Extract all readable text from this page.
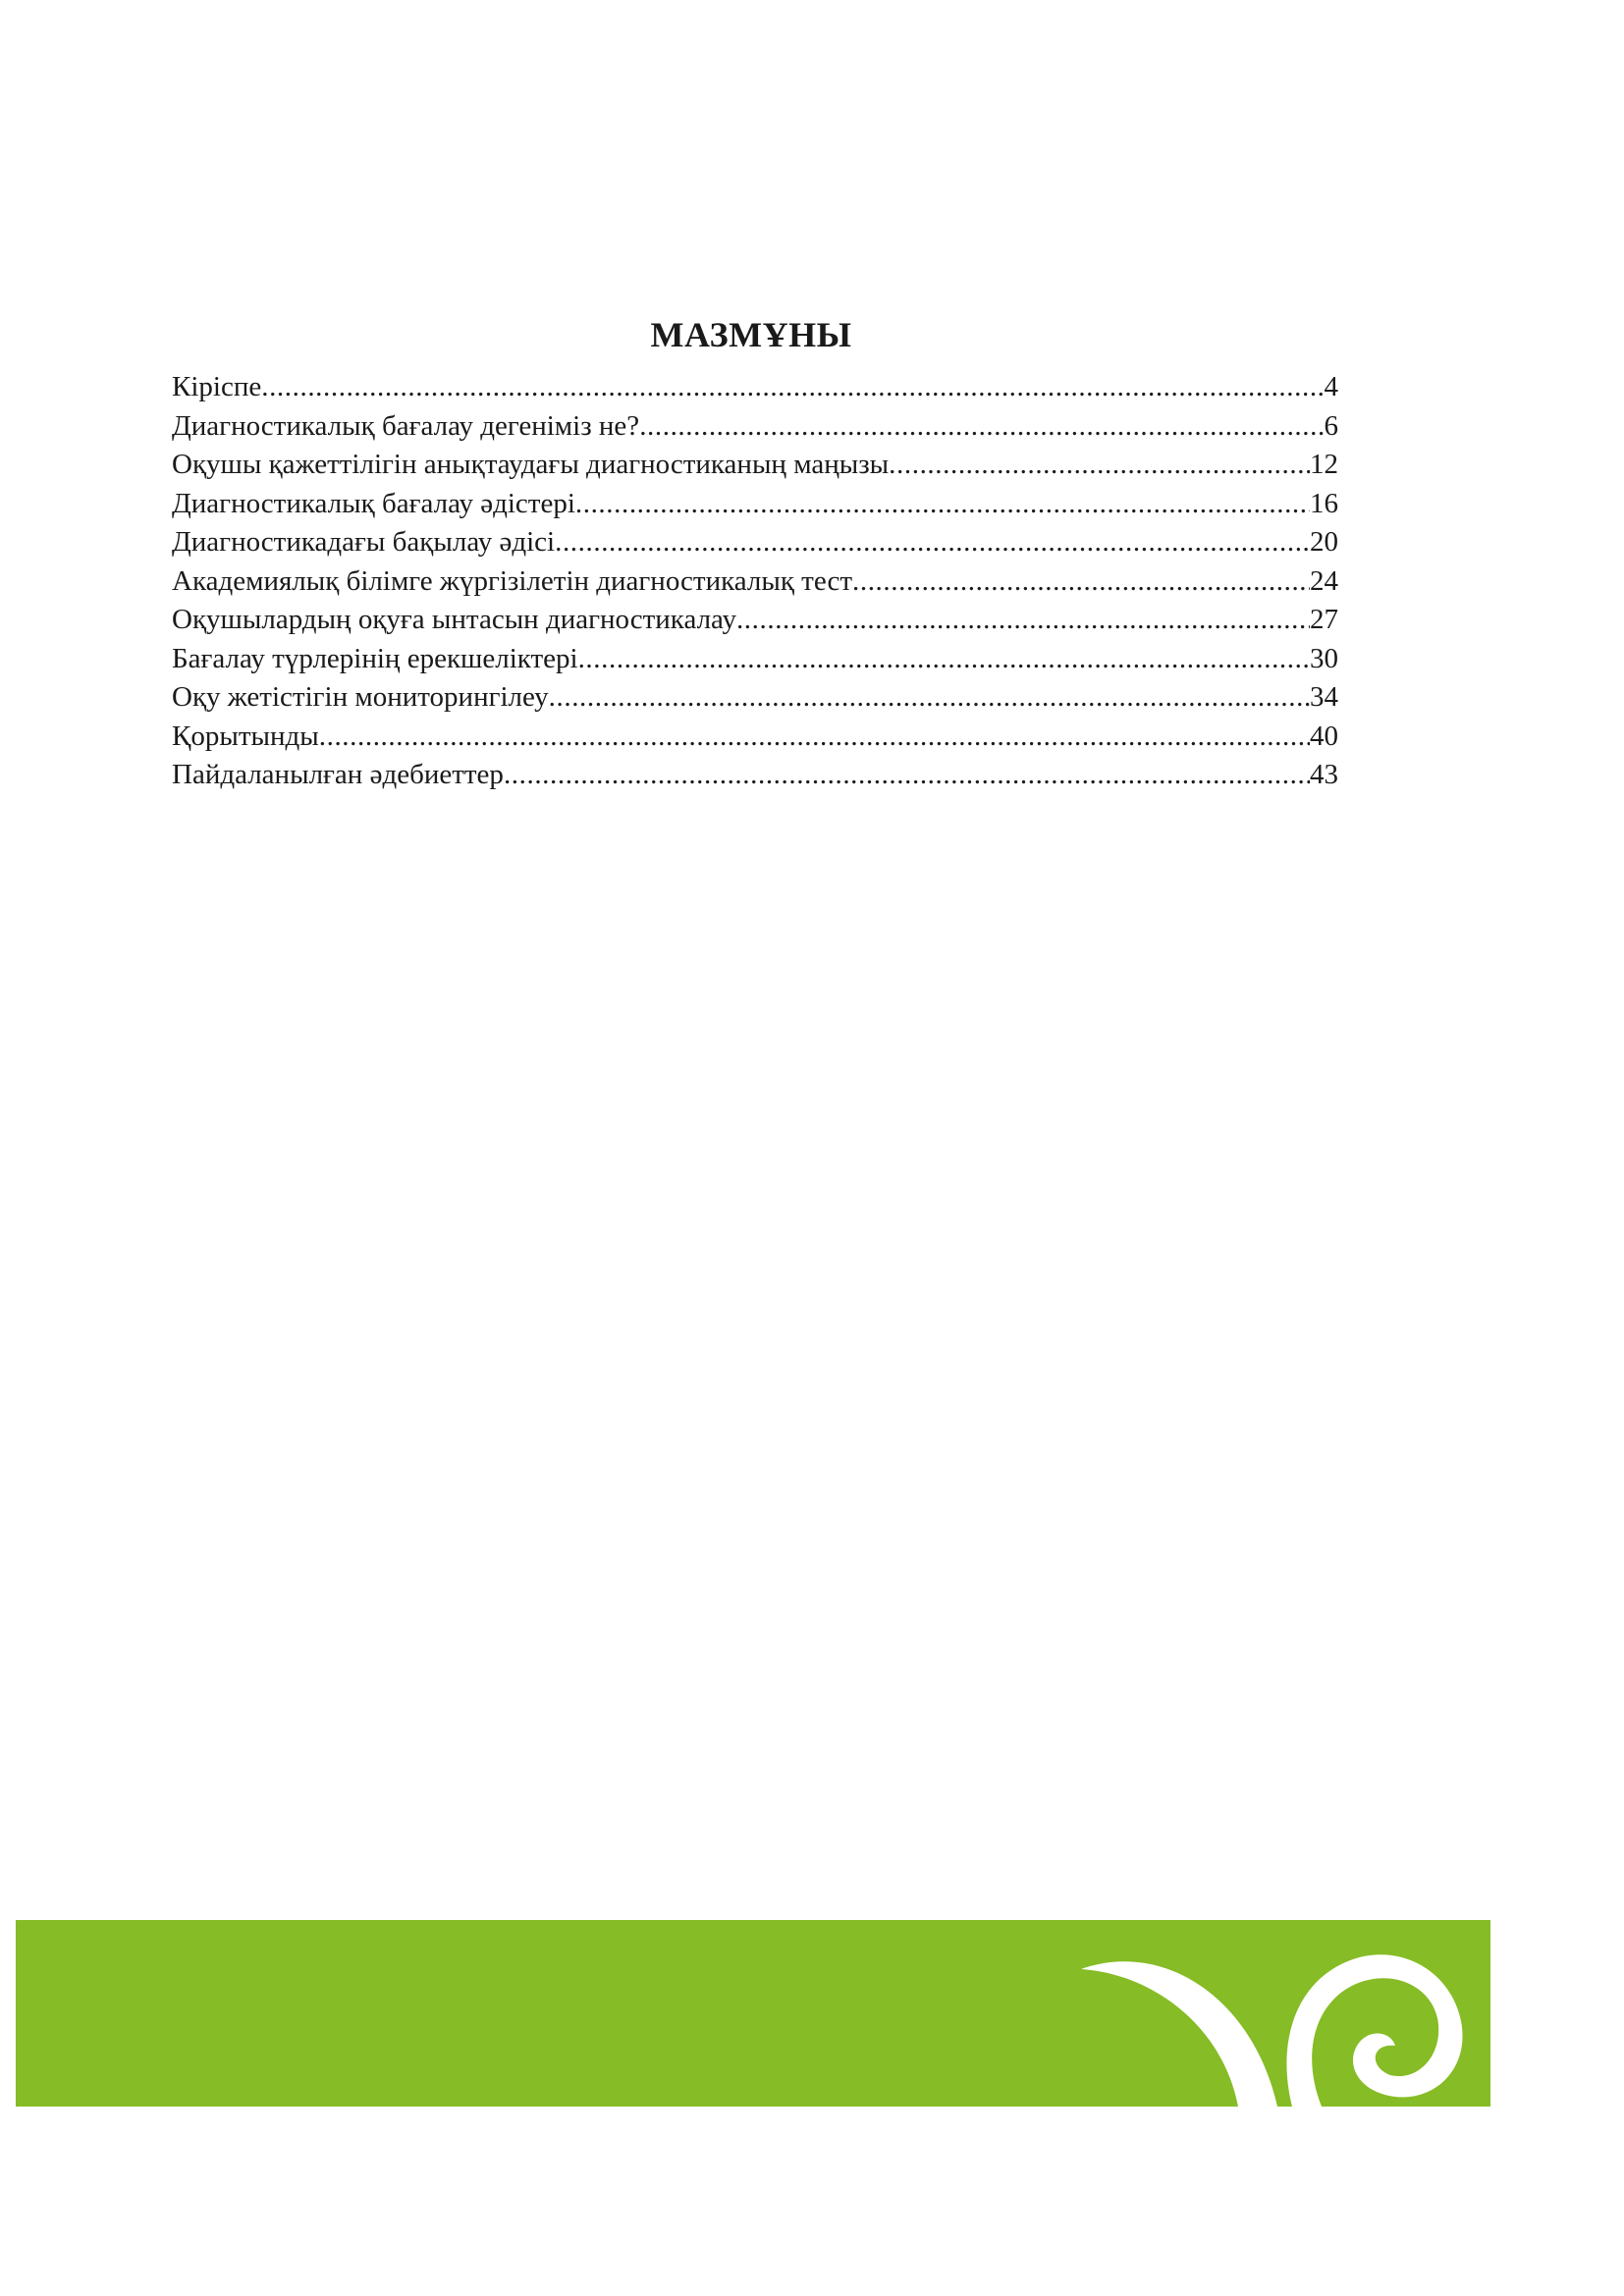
МАЗМҰНЫ
Кіріспе .....	4
Диагностикалық бағалау дегеніміз не? .....	6
Оқушы қажеттілігін анықтаудағы диагностиканың маңызы .....	12
Диагностикалық бағалау әдістері .....	16
Диагностикадағы бақылау әдісі .....	20
Академиялық білімге жүргізілетін диагностикалық тест .....	24
Оқушылардың оқуға ынтасын диагностикалау .....	27
Бағалау түрлерінің ерекшеліктері .....	30
Оқу жетістігін мониторингілеу .....	34
Қорытынды .....	40
Пайдаланылған әдебиеттер .....	43
